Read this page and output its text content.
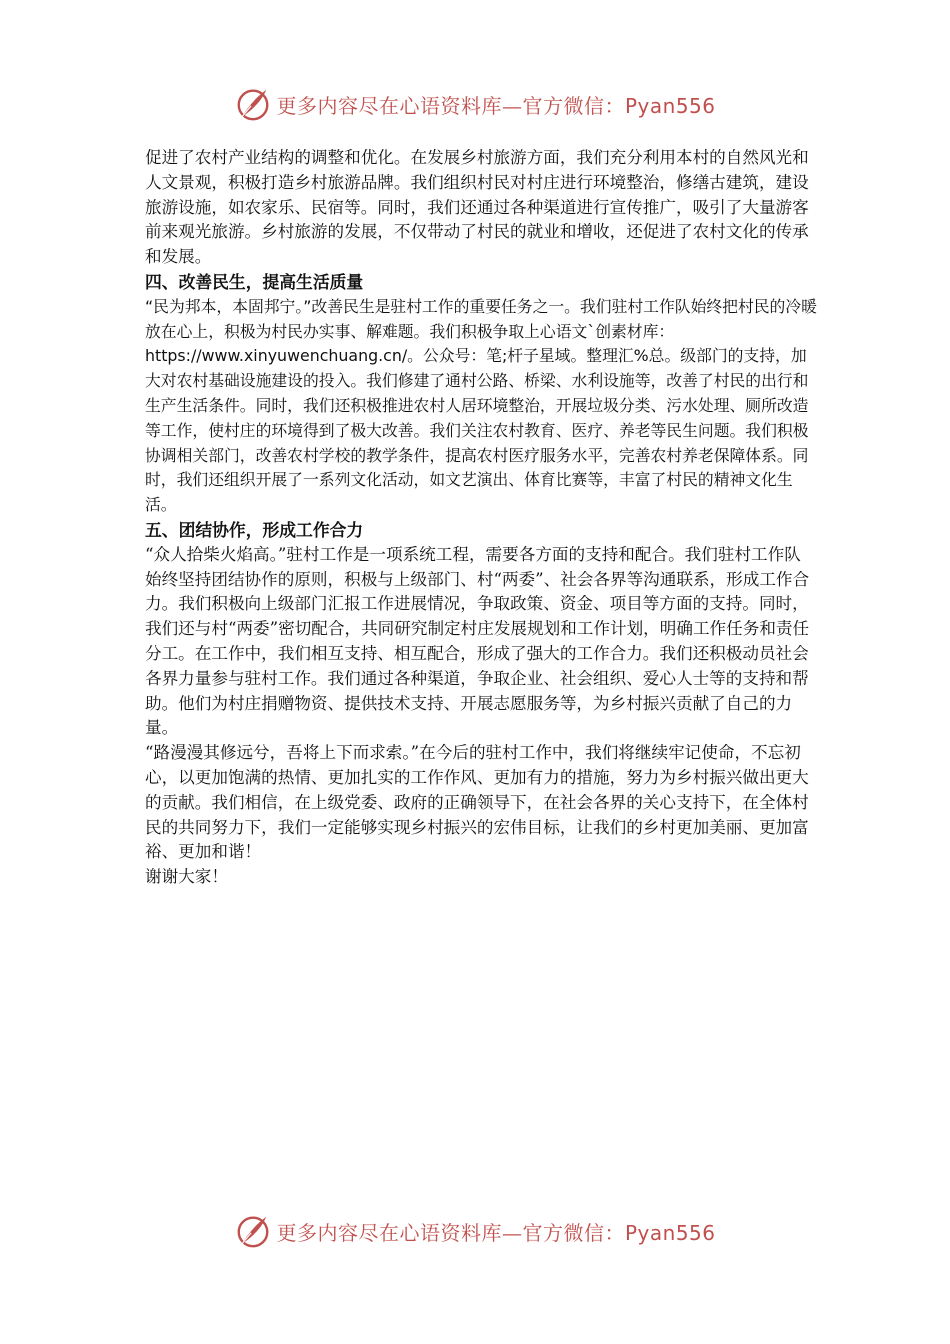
更多内容尽在心语资料库—官方微信：Pyan556

促进了农村产业结构的调整和优化。在发展乡村旅游方面，我们充分利用本村的自然风光和人文景观，积极打造乡村旅游品牌。我们组织村民对村庄进行环境整治，修缮古建筑，建设旅游设施，如农家乐、民宿等。同时，我们还通过各种渠道进行宣传推广，吸引了大量游客前来观光旅游。乡村旅游的发展，不仅带动了村民的就业和增收，还促进了农村文化的传承和发展。

四、改善民生，提高生活质量

“民为邦本，本固邦宁。”改善民生是驻村工作的重要任务之一。我们驻村工作队始终把村民的冷暖放在心上，积极为村民办实事、解难题。我们积极争取上心语文`创素材库：https://www.xinyuwenchuang.cn/。公众号：笔;杆子星域。整理汇%总。级部门的支持，加大对农村基础设施建设的投入。我们修建了通村公路、桥梁、水利设施等，改善了村民的出行和生产生活条件。同时，我们还积极推进农村人居环境整治，开展垃圾分类、污水处理、厕所改造等工作，使村庄的环境得到了极大改善。我们关注农村教育、医疗、养老等民生问题。我们积极协调相关部门，改善农村学校的教学条件，提高农村医疗服务水平，完善农村养老保障体系。同时，我们还组织开展了一系列文化活动，如文艺演出、体育比赛等，丰富了村民的精神文化生活。

五、团结协作，形成工作合力

“众人拾柴火焰高。”驻村工作是一项系统工程，需要各方面的支持和配合。我们驻村工作队始终坚持团结协作的原则，积极与上级部门、村“两委”、社会各界等沟通联系，形成工作合力。我们积极向上级部门汇报工作进展情况，争取政策、资金、项目等方面的支持。同时，我们还与村“两委”密切配合，共同研究制定村庄发展规划和工作计划，明确工作任务和责任分工。在工作中，我们相互支持、相互配合，形成了强大的工作合力。我们还积极动员社会各界力量参与驻村工作。我们通过各种渠道，争取企业、社会组织、爱心人士等的支持和帮助。他们为村庄捐赠物资、提供技术支持、开展志愿服务等，为乡村振兴贡献了自己的力量。

“路漫漫其修远兮，吾将上下而求索。”在今后的驻村工作中，我们将继续牢记使命，不忘初心，以更加饱满的热情、更加扎实的工作作风、更加有力的措施，努力为乡村振兴做出更大的贡献。我们相信，在上级党委、政府的正确领导下，在社会各界的关心支持下，在全体村民的共同努力下，我们一定能够实现乡村振兴的宏伟目标，让我们的乡村更加美丽、更加富裕、更加和谐！

谢谢大家！

更多内容尽在心语资料库—官方微信：Pyan556
